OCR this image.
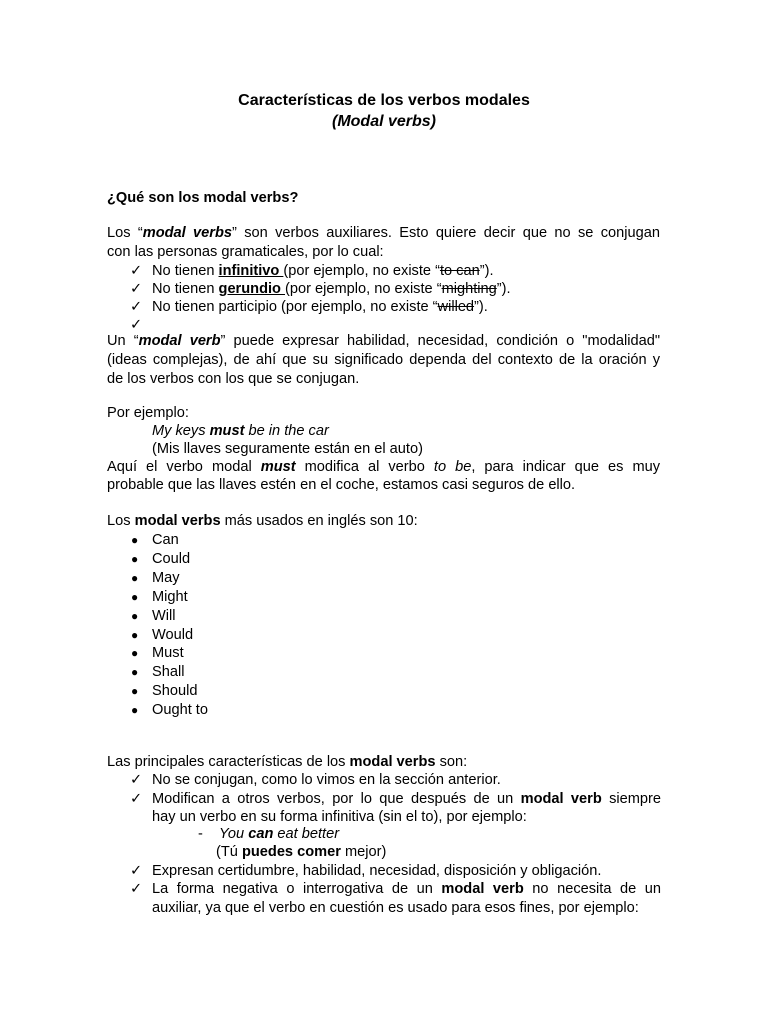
Características de los verbos modales
(Modal verbs)
¿Qué son los modal verbs?
Los “modal verbs” son verbos auxiliares. Esto quiere decir que no se conjugan
con las personas gramaticales, por lo cual:
✓ No tienen infinitivo (por ejemplo, no existe “to can”).
✓ No tienen gerundio (por ejemplo, no existe “mighting”).
✓ No tienen participio (por ejemplo, no existe “willed”).
✓
Un “modal verb” puede expresar habilidad, necesidad, condición o "modalidad"
(ideas complejas), de ahí que su significado dependa del contexto de la oración y
de los verbos con los que se conjugan.
Por ejemplo:
My keys must be in the car
(Mis llaves seguramente están en el auto)
Aquí el verbo modal must modifica al verbo to be, para indicar que es muy
probable que las llaves estén en el coche, estamos casi seguros de ello.
Los modal verbs más usados en inglés son 10:
● Can
● Could
● May
● Might
● Will
● Would
● Must
● Shall
● Should
● Ought to
Las principales características de los modal verbs son:
✓ No se conjugan, como lo vimos en la sección anterior.
✓ Modifican a otros verbos, por lo que después de un modal verb siempre
hay un verbo en su forma infinitiva (sin el to), por ejemplo:
- You can eat better
(Tú puedes comer mejor)
✓ Expresan certidumbre, habilidad, necesidad, disposición y obligación.
✓ La forma negativa o interrogativa de un modal verb no necesita de un
auxiliar, ya que el verbo en cuestión es usado para esos fines, por ejemplo:
